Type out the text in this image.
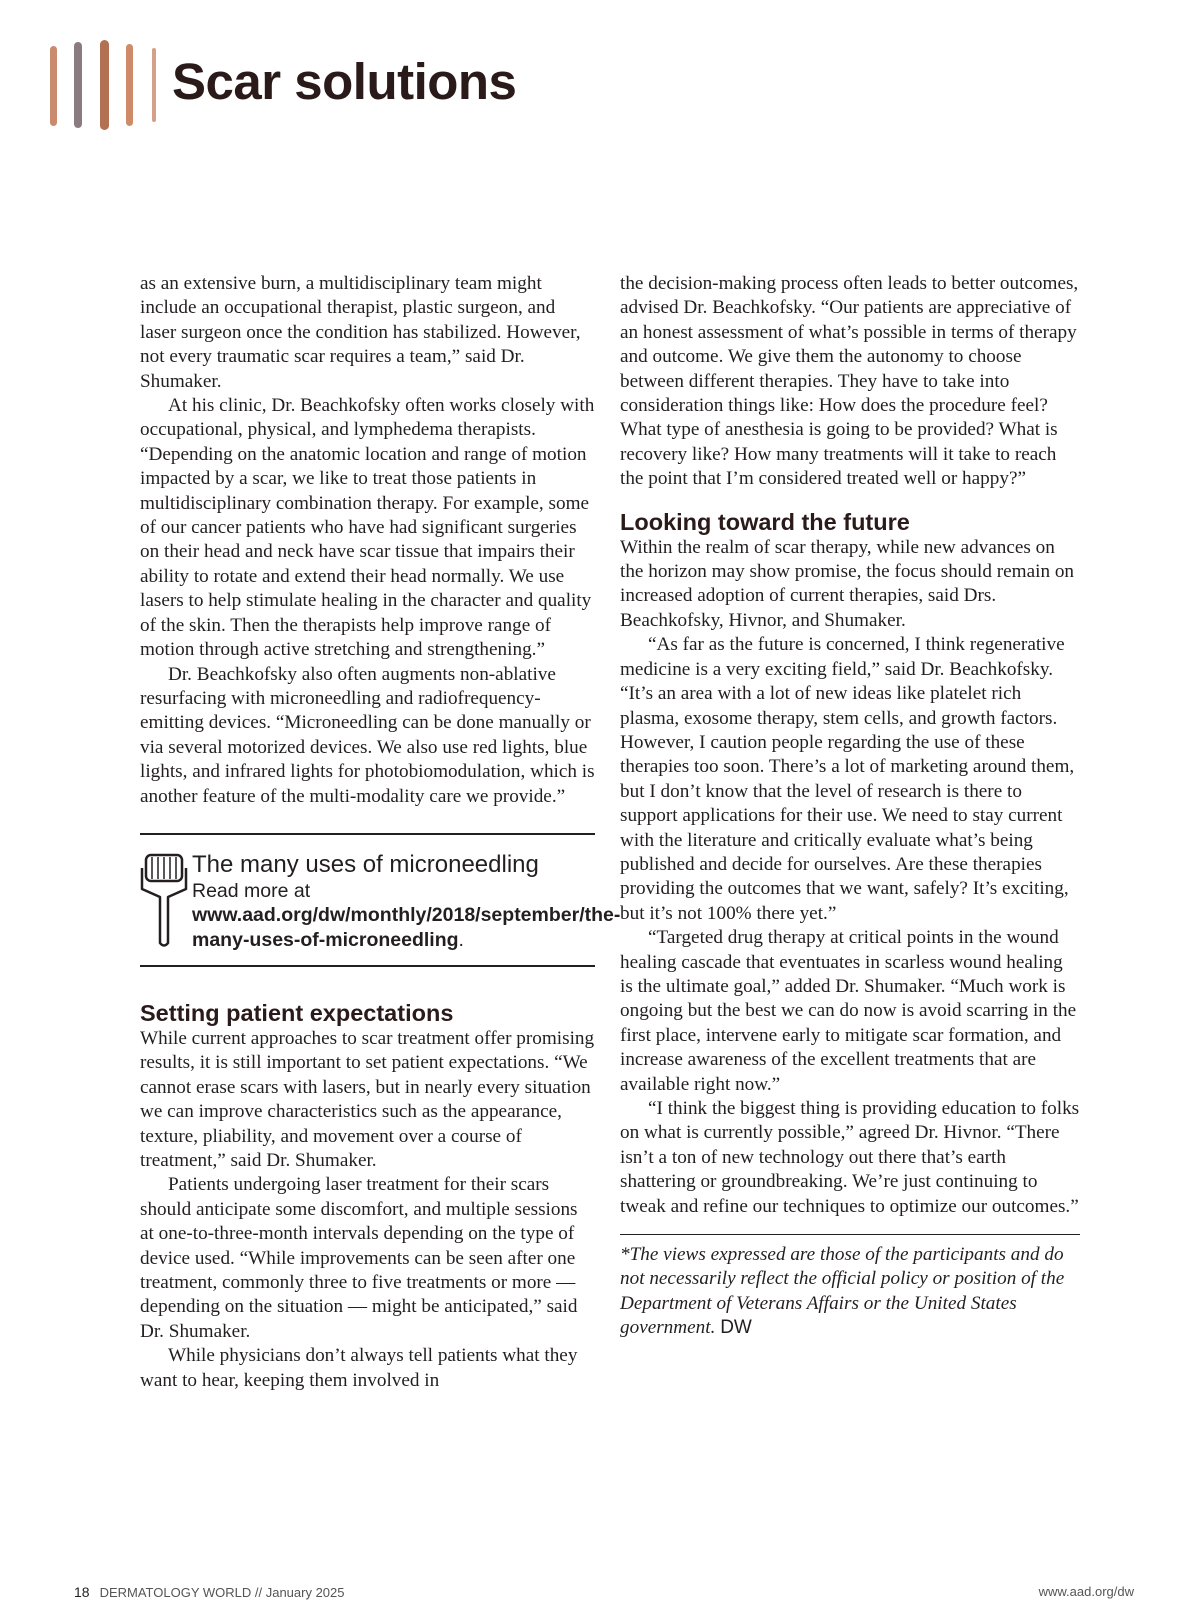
Scar solutions

as an extensive burn, a multidisciplinary team might include an occupational therapist, plastic surgeon, and laser surgeon once the condition has stabilized. However, not every traumatic scar requires a team,” said Dr. Shumaker.

At his clinic, Dr. Beachkofsky often works closely with occupational, physical, and lymphedema therapists. “Depending on the anatomic location and range of motion impacted by a scar, we like to treat those patients in multidisciplinary combination therapy. For example, some of our cancer patients who have had significant surgeries on their head and neck have scar tissue that impairs their ability to rotate and extend their head normally. We use lasers to help stimulate healing in the character and quality of the skin. Then the therapists help improve range of motion through active stretching and strengthening.”

Dr. Beachkofsky also often augments non-ablative resurfacing with microneedling and radiofrequency-emitting devices. “Microneedling can be done manually or via several motorized devices. We also use red lights, blue lights, and infrared lights for photobiomodulation, which is another feature of the multi-modality care we provide.”

The many uses of microneedling
Read more at www.aad.org/dw/monthly/2018/september/the-many-uses-of-microneedling.
Setting patient expectations

While current approaches to scar treatment offer promising results, it is still important to set patient expectations. “We cannot erase scars with lasers, but in nearly every situation we can improve characteristics such as the appearance, texture, pliability, and movement over a course of treatment,” said Dr. Shumaker.

Patients undergoing laser treatment for their scars should anticipate some discomfort, and multiple sessions at one-to-three-month intervals depending on the type of device used. “While improvements can be seen after one treatment, commonly three to five treatments or more — depending on the situation — might be anticipated,” said Dr. Shumaker.

While physicians don’t always tell patients what they want to hear, keeping them involved in

the decision-making process often leads to better outcomes, advised Dr. Beachkofsky. “Our patients are appreciative of an honest assessment of what’s possible in terms of therapy and outcome. We give them the autonomy to choose between different therapies. They have to take into consideration things like: How does the procedure feel? What type of anesthesia is going to be provided? What is recovery like? How many treatments will it take to reach the point that I’m considered treated well or happy?”

Looking toward the future

Within the realm of scar therapy, while new advances on the horizon may show promise, the focus should remain on increased adoption of current therapies, said Drs. Beachkofsky, Hivnor, and Shumaker.

“As far as the future is concerned, I think regenerative medicine is a very exciting field,” said Dr. Beachkofsky. “It’s an area with a lot of new ideas like platelet rich plasma, exosome therapy, stem cells, and growth factors. However, I caution people regarding the use of these therapies too soon. There’s a lot of marketing around them, but I don’t know that the level of research is there to support applications for their use. We need to stay current with the literature and critically evaluate what’s being published and decide for ourselves. Are these therapies providing the outcomes that we want, safely? It’s exciting, but it’s not 100% there yet.”

“Targeted drug therapy at critical points in the wound healing cascade that eventuates in scarless wound healing is the ultimate goal,” added Dr. Shumaker. “Much work is ongoing but the best we can do now is avoid scarring in the first place, intervene early to mitigate scar formation, and increase awareness of the excellent treatments that are available right now.”

“I think the biggest thing is providing education to folks on what is currently possible,” agreed Dr. Hivnor. “There isn’t a ton of new technology out there that’s earth shattering or groundbreaking. We’re just continuing to tweak and refine our techniques to optimize our outcomes.”

*The views expressed are those of the participants and do not necessarily reflect the official policy or position of the Department of Veterans Affairs or the United States government. DW
18 DERMATOLOGY WORLD // January 2025	www.aad.org/dw
